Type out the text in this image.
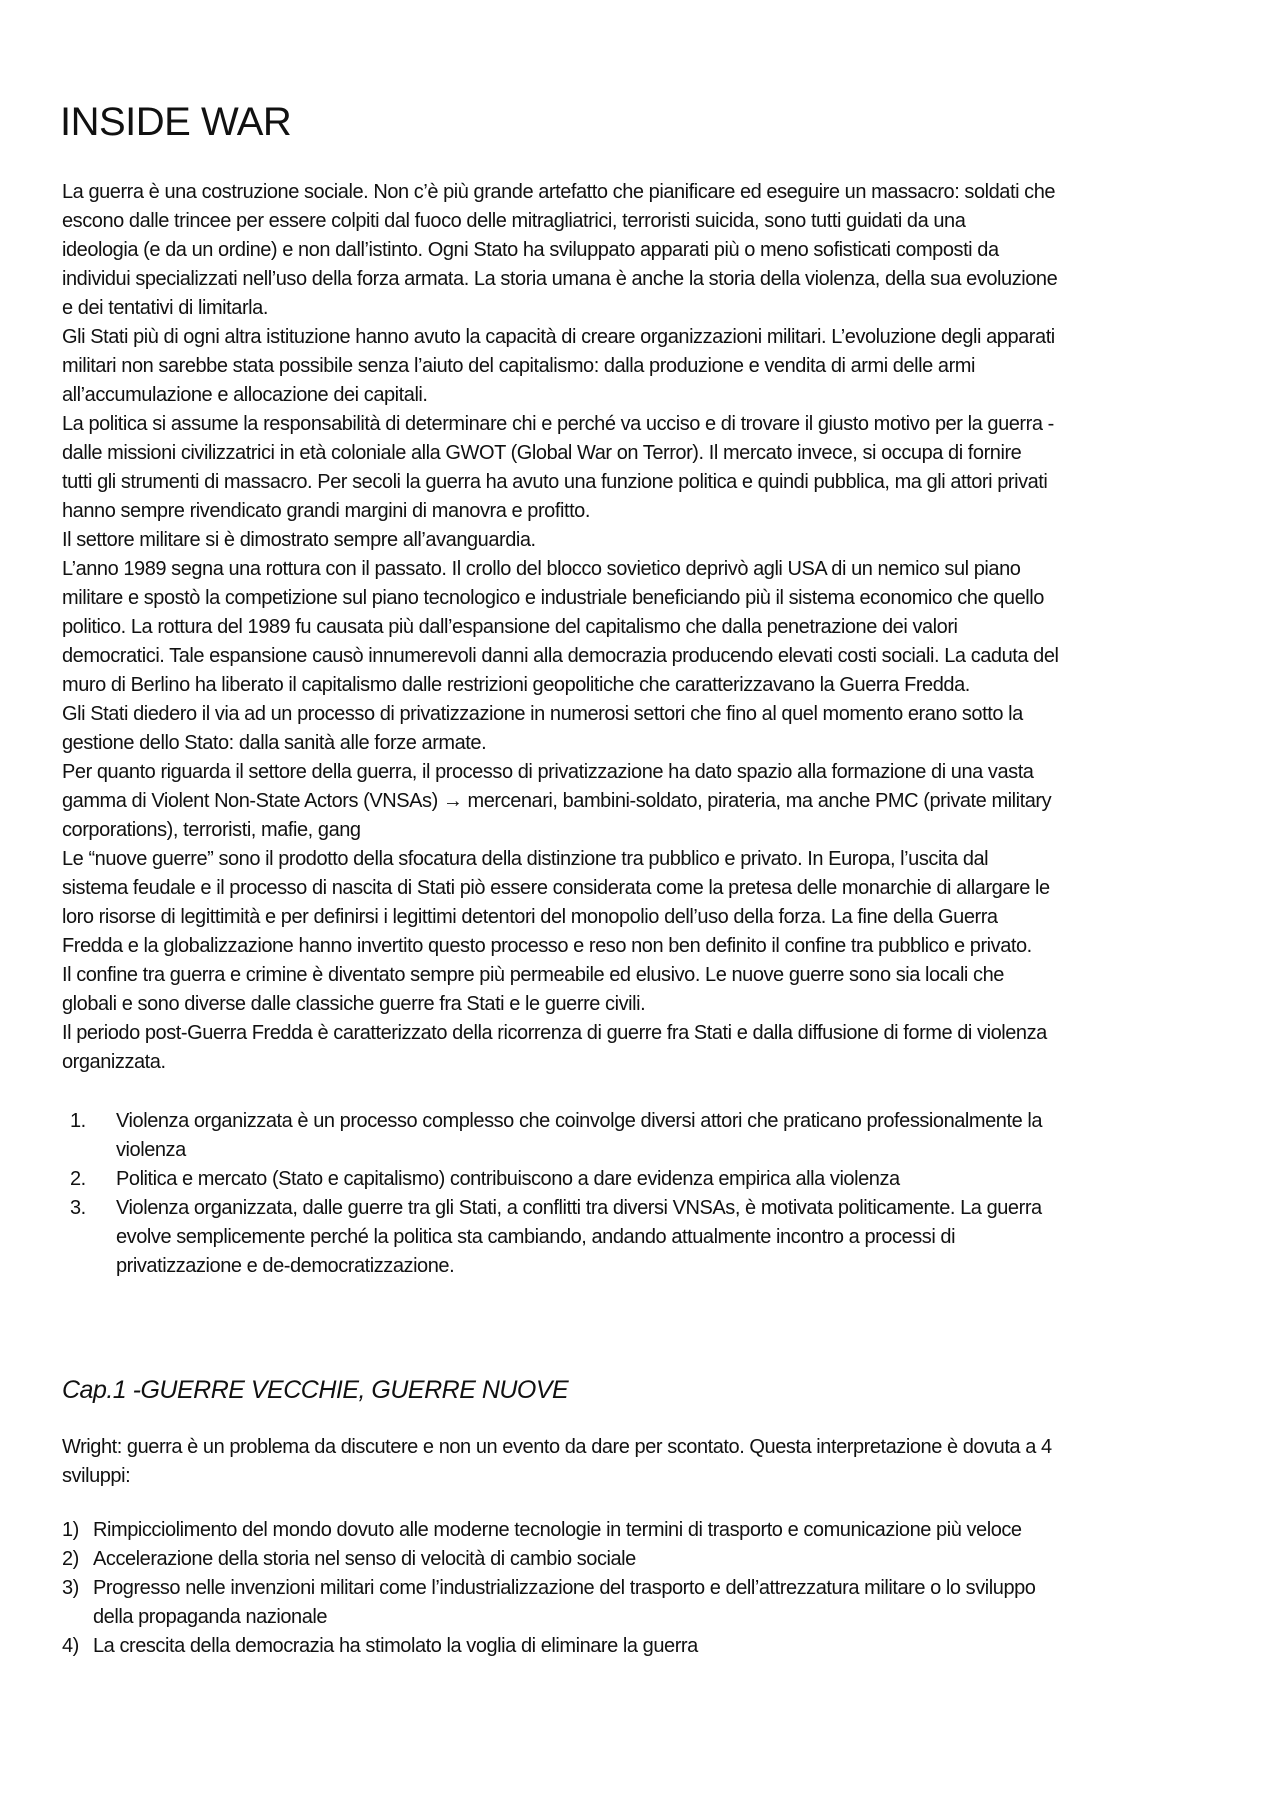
INSIDE WAR
La guerra è una costruzione sociale. Non c’è più grande artefatto che pianificare ed eseguire un massacro: soldati che
escono dalle trincee per essere colpiti dal fuoco delle mitragliatrici, terroristi suicida, sono tutti guidati da una
ideologia (e da un ordine) e non dall’istinto. Ogni Stato ha sviluppato apparati più o meno sofisticati composti da
individui specializzati nell’uso della forza armata. La storia umana è anche la storia della violenza, della sua evoluzione
e dei tentativi di limitarla.
Gli Stati più di ogni altra istituzione hanno avuto la capacità di creare organizzazioni militari. L’evoluzione degli apparati
militari non sarebbe stata possibile senza l’aiuto del capitalismo: dalla produzione e vendita di armi delle armi
all’accumulazione e allocazione dei capitali.
La politica si assume la responsabilità di determinare chi e perché va ucciso e di trovare il giusto motivo per la guerra -
dalle missioni civilizzatrici in età coloniale alla GWOT (Global War on Terror). Il mercato invece, si occupa di fornire
tutti gli strumenti di massacro. Per secoli la guerra ha avuto una funzione politica e quindi pubblica, ma gli attori privati
hanno sempre rivendicato grandi margini di manovra e profitto.
Il settore militare si è dimostrato sempre all’avanguardia.
L’anno 1989 segna una rottura con il passato. Il crollo del blocco sovietico deprivò agli USA di un nemico sul piano
militare e spostò la competizione sul piano tecnologico e industriale beneficiando più il sistema economico che quello
politico. La rottura del 1989 fu causata più dall’espansione del capitalismo che dalla penetrazione dei valori
democratici. Tale espansione causò innumerevoli danni alla democrazia producendo elevati costi sociali. La caduta del
muro di Berlino ha liberato il capitalismo dalle restrizioni geopolitiche che caratterizzavano la Guerra Fredda.
Gli Stati diedero il via ad un processo di privatizzazione in numerosi settori che fino al quel momento erano sotto la
gestione dello Stato: dalla sanità alle forze armate.
Per quanto riguarda il settore della guerra, il processo di privatizzazione ha dato spazio alla formazione di una vasta
gamma di Violent Non-State Actors (VNSAs) → mercenari, bambini-soldato, pirateria, ma anche PMC (private military
corporations), terroristi, mafie, gang
Le “nuove guerre” sono il prodotto della sfocatura della distinzione tra pubblico e privato. In Europa, l’uscita dal
sistema feudale e il processo di nascita di Stati piò essere considerata come la pretesa delle monarchie di allargare le
loro risorse di legittimità e per definirsi i legittimi detentori del monopolio dell’uso della forza. La fine della Guerra
Fredda e la globalizzazione hanno invertito questo processo e reso non ben definito il confine tra pubblico e privato.
Il confine tra guerra e crimine è diventato sempre più permeabile ed elusivo. Le nuove guerre sono sia locali che
globali e sono diverse dalle classiche guerre fra Stati e le guerre civili.
Il periodo post-Guerra Fredda è caratterizzato della ricorrenza di guerre fra Stati e dalla diffusione di forme di violenza
organizzata.
1.	Violenza organizzata è un processo complesso che coinvolge diversi attori che praticano professionalmente la
violenza
2.	Politica e mercato (Stato e capitalismo) contribuiscono a dare evidenza empirica alla violenza
3.	Violenza organizzata, dalle guerre tra gli Stati, a conflitti tra diversi VNSAs, è motivata politicamente. La guerra
evolve semplicemente perché la politica sta cambiando, andando attualmente incontro a processi di
privatizzazione e de-democratizzazione.
Cap.1 -GUERRE VECCHIE, GUERRE NUOVE
Wright: guerra è un problema da discutere e non un evento da dare per scontato. Questa interpretazione è dovuta a 4
sviluppi:
1) Rimpicciolimento del mondo dovuto alle moderne tecnologie in termini di trasporto e comunicazione più veloce
2) Accelerazione della storia nel senso di velocità di cambio sociale
3) Progresso nelle invenzioni militari come l’industrializzazione del trasporto e dell’attrezzatura militare o lo sviluppo
della propaganda nazionale
4) La crescita della democrazia ha stimolato la voglia di eliminare la guerra
